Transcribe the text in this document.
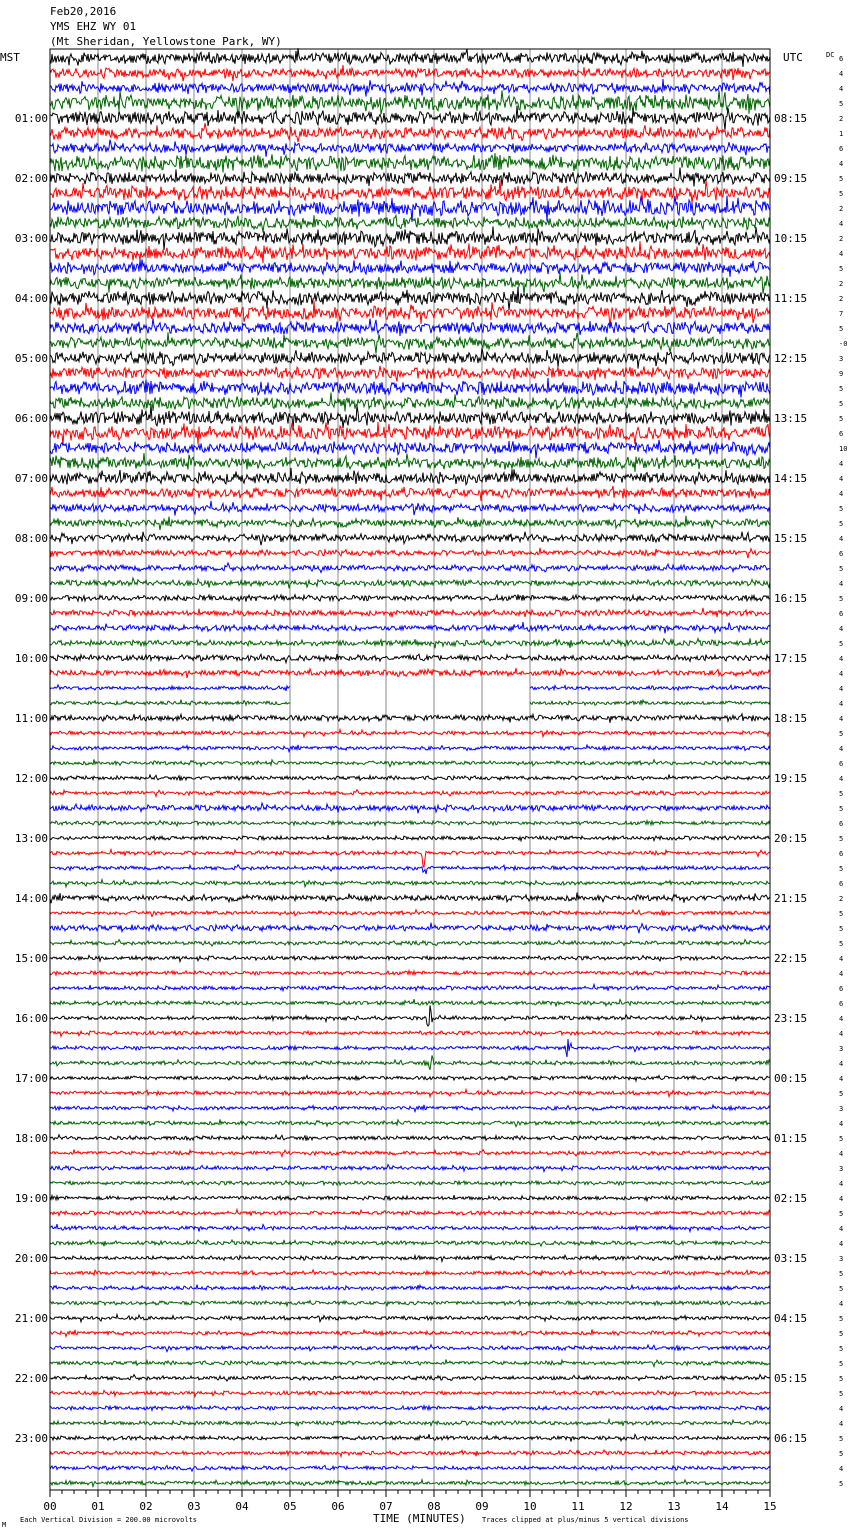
Feb20,2016
YMS EHZ WY 01
(Mt Sheridan, Yellowstone Park, WY)
00	01	02	03	04	05	06	07	08	09	10	11	12	13	14	15
6
4
4
5
2
1
6
4
5
5
2
4
2
4
5
2
2
7
5
-0
3
9
5
5
5
6
10
4
4
4
5
5
4
6
5
4
5
6
4
5
4
4
4
4
4
5
4
6
4
5
5
6
5
6
5
6
2
5
5
5
4
4
6
6
4
4
3
4
4
5
3
4
5
4
3
4
4
5
4
4
3
5
5
4
5
5
5
5
5
5
4
4
5
5
4
5
01:00
02:00
03:00
04:00
05:00
06:00
07:00
08:00
09:00
10:00
11:00
12:00
13:00
14:00
15:00
16:00
17:00
18:00
19:00
20:00
21:00
22:00
23:00
08:15
09:15
10:15
11:15
12:15
13:15
14:15
15:15
16:15
17:15
18:15
19:15
20:15
21:15
22:15
23:15
00:15
01:15
02:15
03:15
04:15
05:15
06:15
MST	UTC	DC
TIME (MINUTES)
Each Vertical Division = 200.00 microvolts	Traces clipped at plus/minus 5 vertical divisions
M
